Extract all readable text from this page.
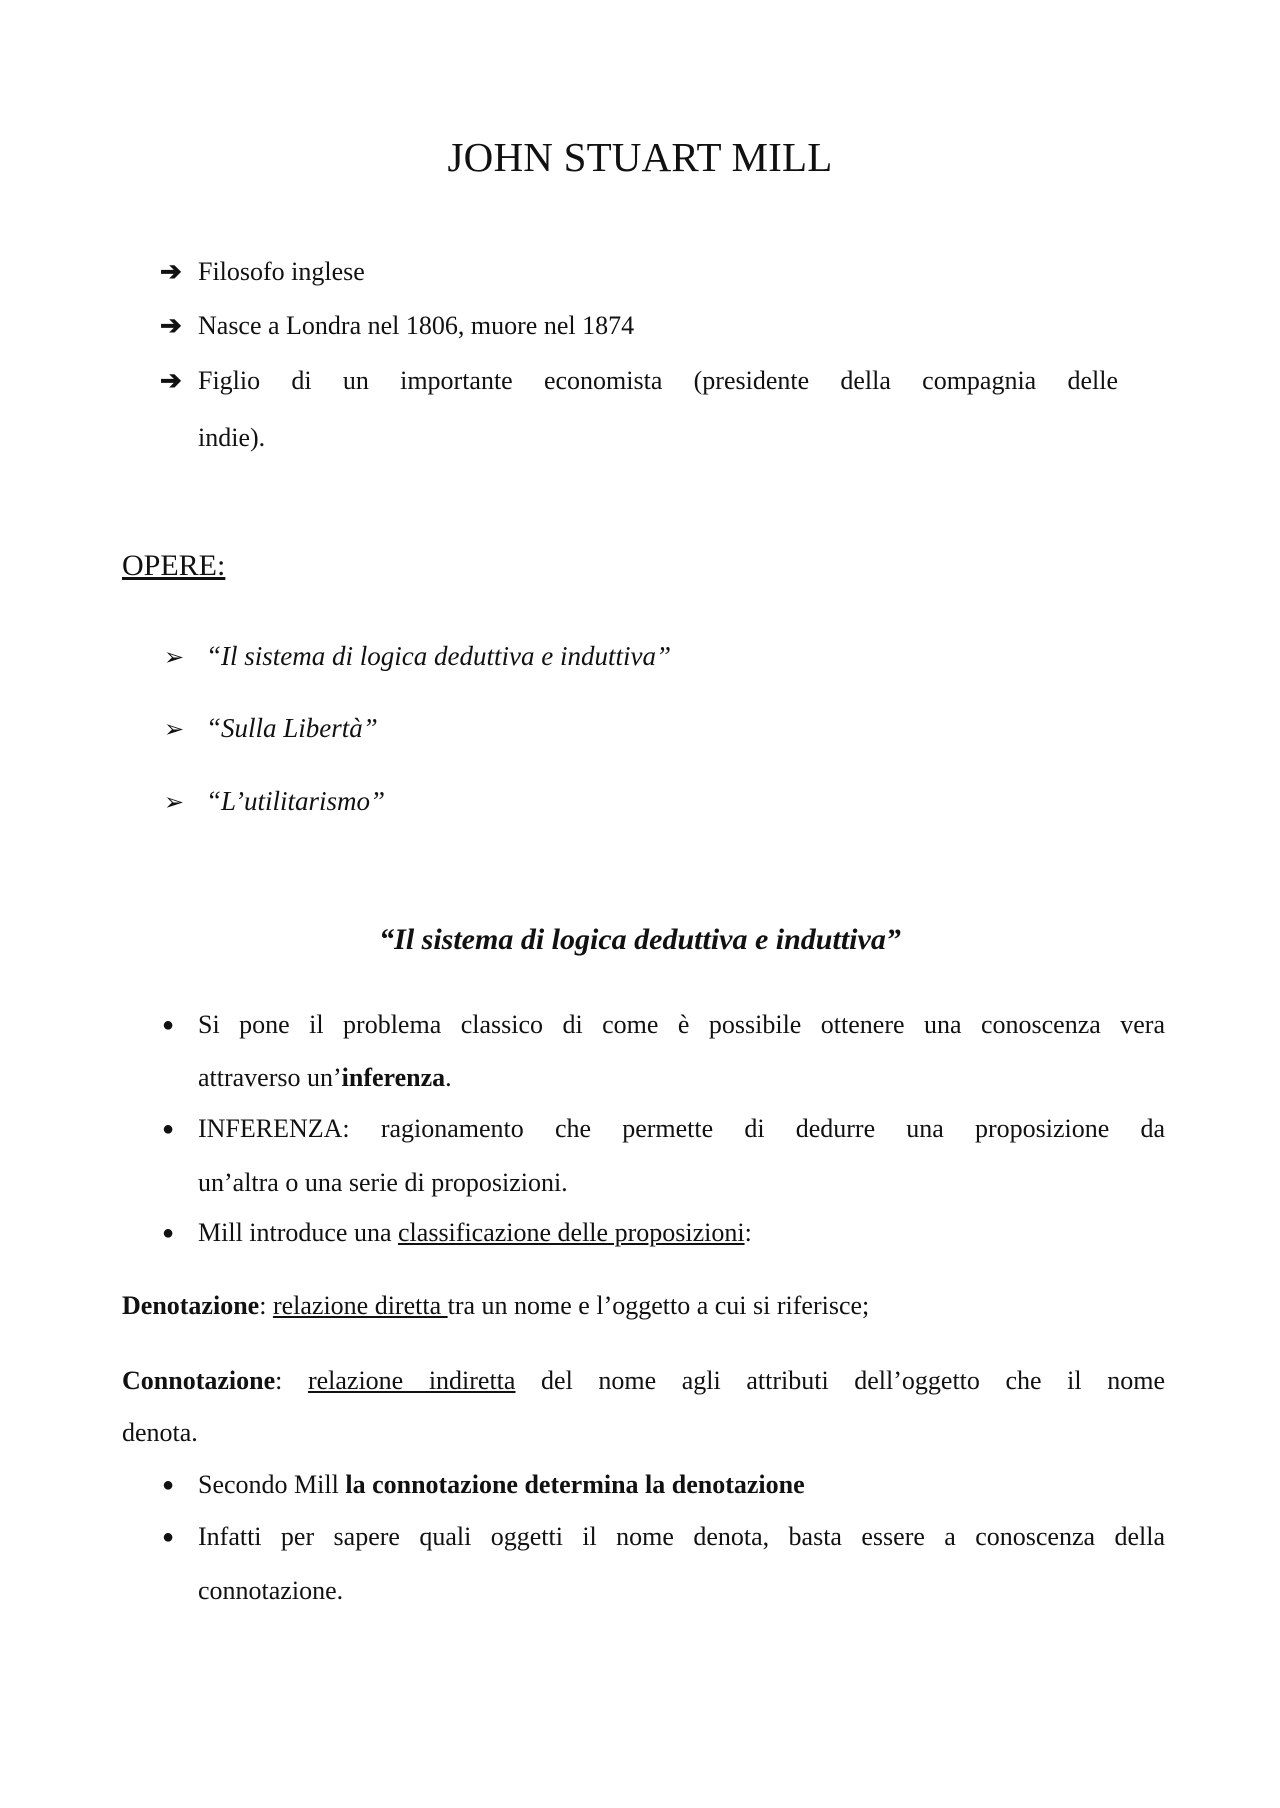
JOHN STUART MILL
➔ Filosofo inglese
➔ Nasce a Londra nel 1806, muore nel 1874
➔ Figlio di un importante economista (presidente della compagnia delle
indie).
OPERE:
➢ “Il sistema di logica deduttiva e induttiva”
➢ “Sulla Libertà”
➢ “L’utilitarismo”
“Il sistema di logica deduttiva e induttiva”
● Si pone il problema classico di come è possibile ottenere una conoscenza vera
attraverso un’inferenza.
● INFERENZA: ragionamento che permette di dedurre una proposizione da
un’altra o una serie di proposizioni.
● Mill introduce una classificazione delle proposizioni:
Denotazione: relazione diretta tra un nome e l’oggetto a cui si riferisce;
Connotazione: relazione indiretta del nome agli attributi dell’oggetto che il nome
denota.
● Secondo Mill la connotazione determina la denotazione
● Infatti per sapere quali oggetti il nome denota, basta essere a conoscenza della
connotazione.
